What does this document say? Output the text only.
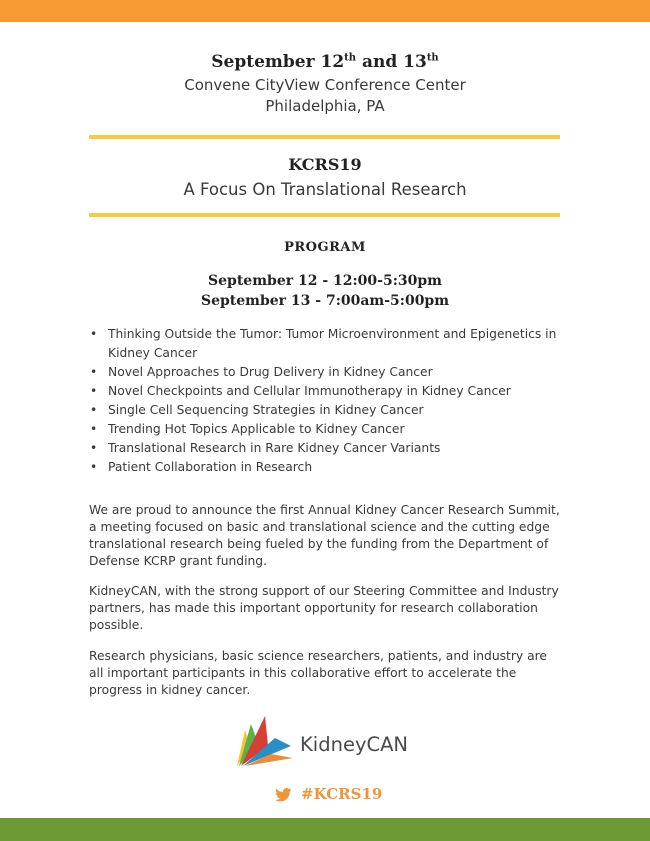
September 12th and 13th
Convene CityView Conference Center
Philadelphia, PA
KCRS19
A Focus On Translational Research
PROGRAM
September 12 - 12:00-5:30pm
September 13 - 7:00am-5:00pm
• Thinking Outside the Tumor: Tumor Microenvironment and Epigenetics in Kidney Cancer
• Novel Approaches to Drug Delivery in Kidney Cancer
• Novel Checkpoints and Cellular Immunotherapy in Kidney Cancer
• Single Cell Sequencing Strategies in Kidney Cancer
• Trending Hot Topics Applicable to Kidney Cancer
• Translational Research in Rare Kidney Cancer Variants
• Patient Collaboration in Research

We are proud to announce the first Annual Kidney Cancer Research Summit, a meeting focused on basic and translational science and the cutting edge translational research being fueled by the funding from the Department of Defense KCRP grant funding.

KidneyCAN, with the strong support of our Steering Committee and Industry partners, has made this important opportunity for research collaboration possible.

Research physicians, basic science researchers, patients, and industry are all important participants in this collaborative effort to accelerate the progress in kidney cancer.

KidneyCAN
#KCRS19
